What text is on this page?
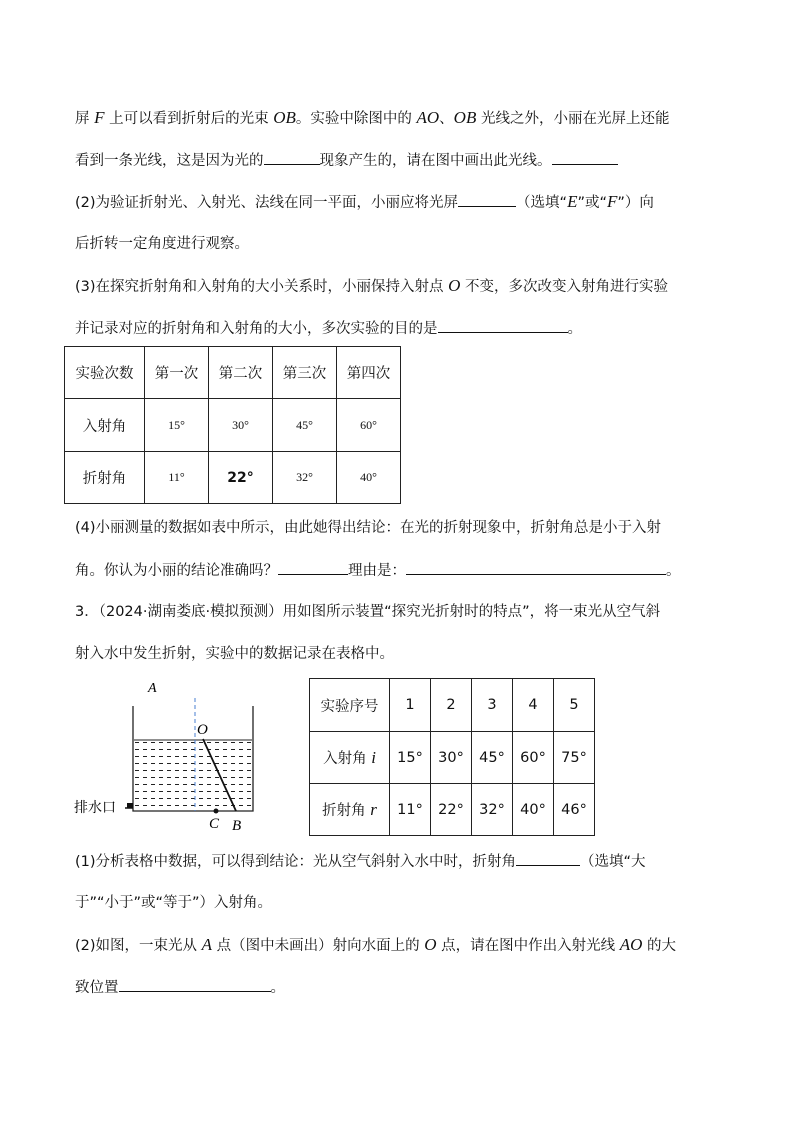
屏 F 上可以看到折射后的光束 OB。实验中除图中的 AO、OB 光线之外，小丽在光屏上还能
看到一条光线，这是因为光的	现象产生的，请在图中画出此光线。
(2)为验证折射光、入射光、法线在同一平面，小丽应将光屏	（选填“E”或“F”）向
后折转一定角度进行观察。
(3)在探究折射角和入射角的大小关系时，小丽保持入射点 O 不变，多次改变入射角进行实验
并记录对应的折射角和入射角的大小，多次实验的目的是	。
实验次数	第一次	第二次	第三次	第四次
入射角	15°	30°	45°	60°
折射角	11°	22°	32°	40°
(4)小丽测量的数据如表中所示，由此她得出结论：在光的折射现象中，折射角总是小于入射
角。你认为小丽的结论准确吗？	理由是：	。
3．（2024·湖南娄底·模拟预测）用如图所示装置“探究光折射时的特点”，将一束光从空气斜
射入水中发生折射，实验中的数据记录在表格中。
A
O
C B
排水口
实验序号	1	2	3	4	5
入射角 i	15°	30°	45°	60°	75°
折射角 r	11°	22°	32°	40°	46°
(1)分析表格中数据，可以得到结论：光从空气斜射入水中时，折射角	（选填“大
于”“小于”或“等于”）入射角。
(2)如图，一束光从 A 点（图中未画出）射向水面上的 O 点，请在图中作出入射光线 AO 的大
致位置	。
